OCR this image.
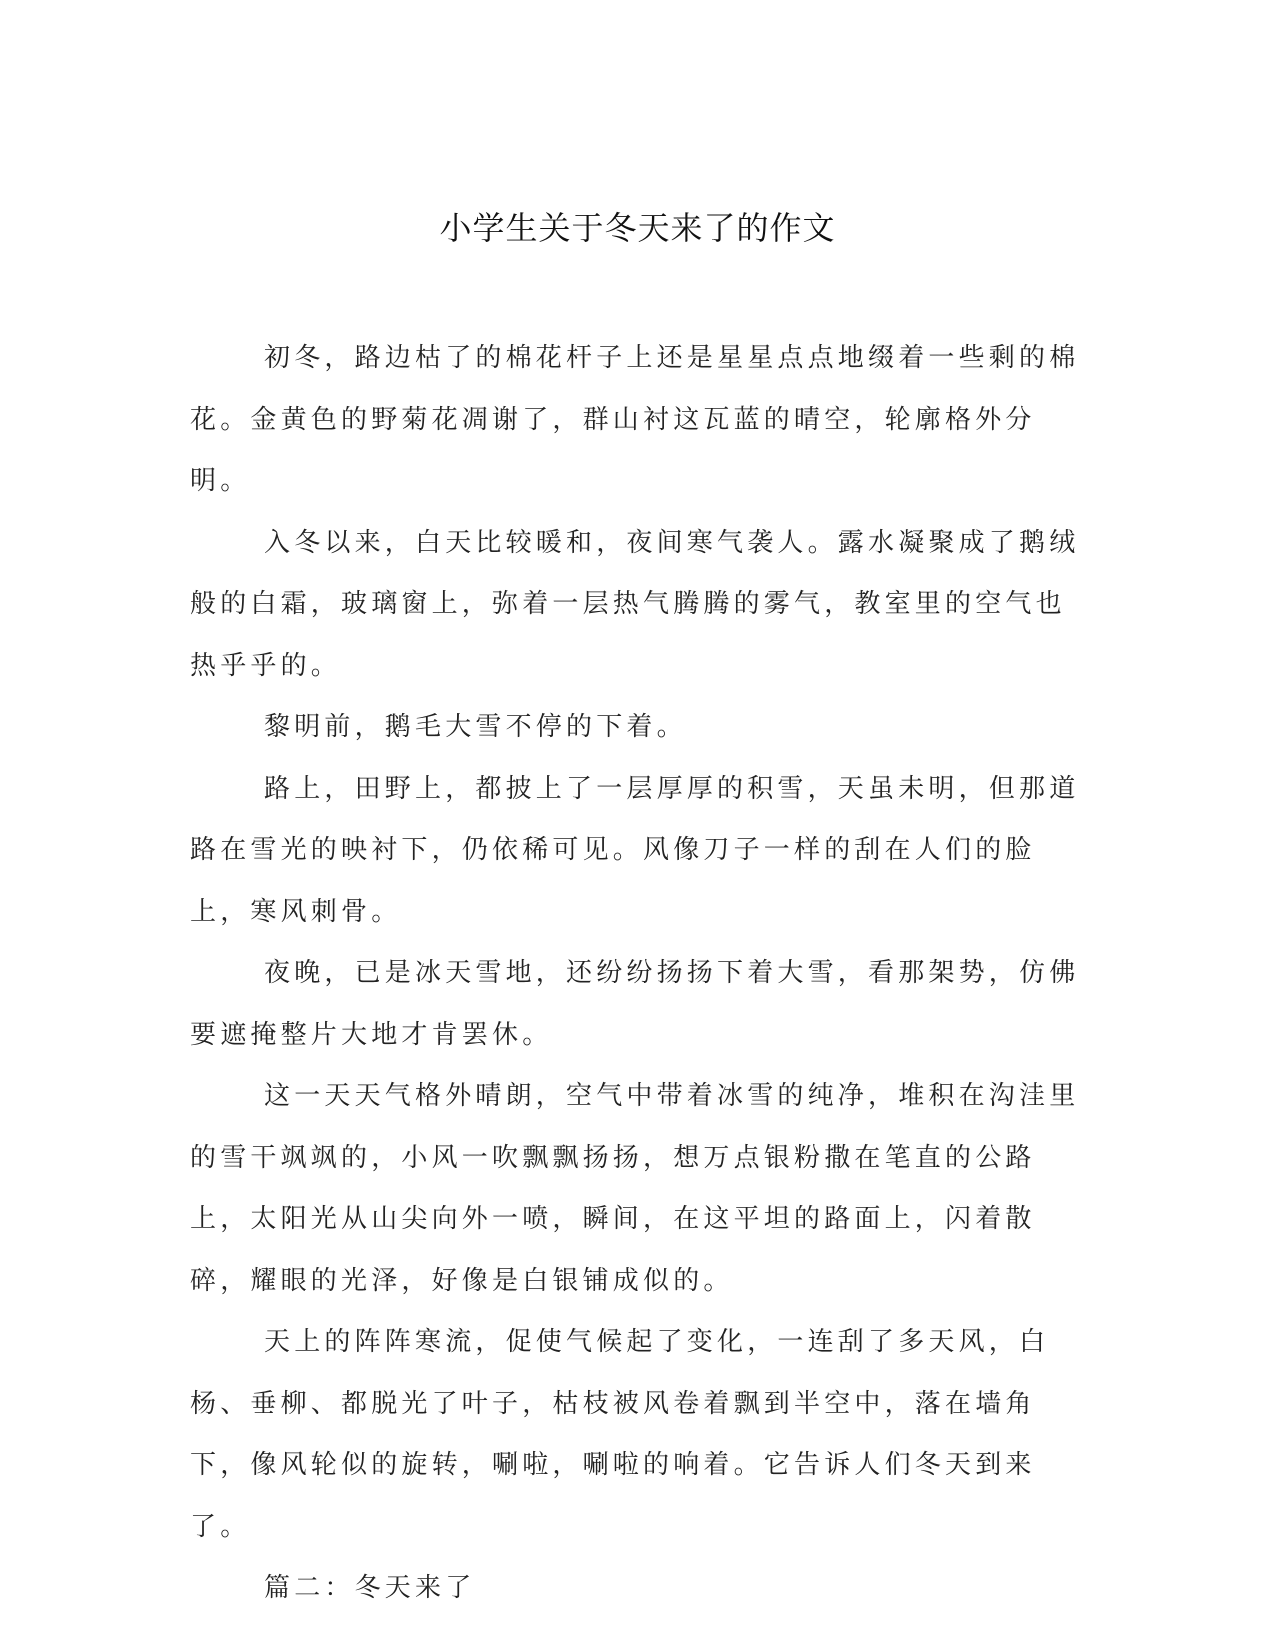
小学生关于冬天来了的作文

初冬，路边枯了的棉花杆子上还是星星点点地缀着一些剩的棉花。金黄色的野菊花凋谢了，群山衬这瓦蓝的晴空，轮廓格外分明。

入冬以来，白天比较暖和，夜间寒气袭人。露水凝聚成了鹅绒般的白霜，玻璃窗上，弥着一层热气腾腾的雾气，教室里的空气也热乎乎的。

黎明前，鹅毛大雪不停的下着。

路上，田野上，都披上了一层厚厚的积雪，天虽未明，但那道路在雪光的映衬下，仍依稀可见。风像刀子一样的刮在人们的脸上，寒风刺骨。

夜晚，已是冰天雪地，还纷纷扬扬下着大雪，看那架势，仿佛要遮掩整片大地才肯罢休。

这一天天气格外晴朗，空气中带着冰雪的纯净，堆积在沟洼里的雪干飒飒的，小风一吹飘飘扬扬，想万点银粉撒在笔直的公路上，太阳光从山尖向外一喷，瞬间，在这平坦的路面上，闪着散碎，耀眼的光泽，好像是白银铺成似的。

天上的阵阵寒流，促使气候起了变化，一连刮了多天风，白杨、垂柳、都脱光了叶子，枯枝被风卷着飘到半空中，落在墙角下，像风轮似的旋转，唰啦，唰啦的响着。它告诉人们冬天到来了。

篇二：冬天来了
